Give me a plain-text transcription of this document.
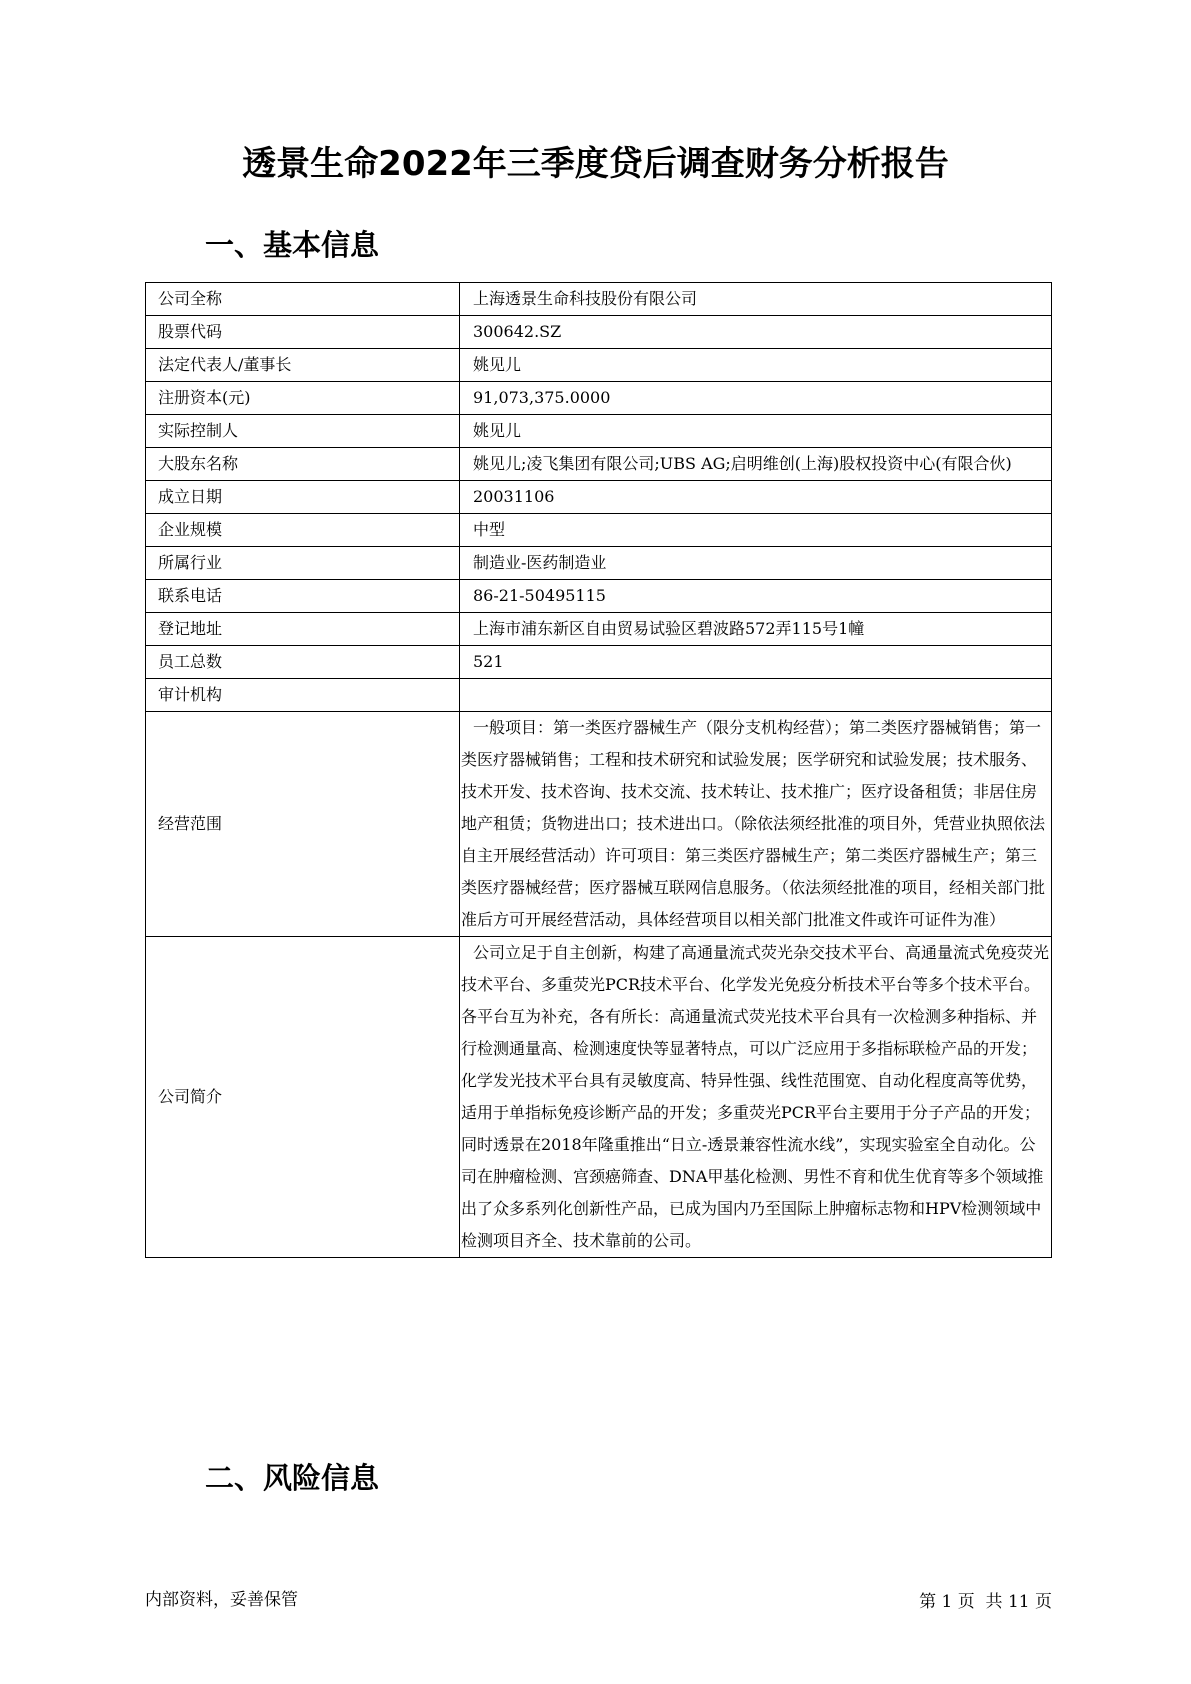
透景生命2022年三季度贷后调查财务分析报告
一、基本信息
公司全称	上海透景生命科技股份有限公司

股票代码	300642.SZ

法定代表人/董事长	姚见儿

注册资本(元)	91,073,375.0000

实际控制人	姚见儿

大股东名称	姚见儿;凌飞集团有限公司;UBS AG;启明维创(上海)股权投资中心(有限合伙)

成立日期	20031106

企业规模	中型

所属行业	制造业-医药制造业

联系电话	86-21-50495115

登记地址	上海市浦东新区自由贸易试验区碧波路572弄115号1幢

员工总数	521

审计机构	

经营范围	一般项目：第一类医疗器械生产（限分支机构经营）；第二类医疗器械销售；第一类医疗器械销售；工程和技术研究和试验发展；医学研究和试验发展；技术服务、技术开发、技术咨询、技术交流、技术转让、技术推广；医疗设备租赁；非居住房地产租赁；货物进出口；技术进出口。（除依法须经批准的项目外，凭营业执照依法自主开展经营活动）许可项目：第三类医疗器械生产；第二类医疗器械生产；第三类医疗器械经营；医疗器械互联网信息服务。（依法须经批准的项目，经相关部门批准后方可开展经营活动，具体经营项目以相关部门批准文件或许可证件为准）

公司简介	公司立足于自主创新，构建了高通量流式荧光杂交技术平台、高通量流式免疫荧光技术平台、多重荧光PCR技术平台、化学发光免疫分析技术平台等多个技术平台。各平台互为补充，各有所长：高通量流式荧光技术平台具有一次检测多种指标、并行检测通量高、检测速度快等显著特点，可以广泛应用于多指标联检产品的开发；化学发光技术平台具有灵敏度高、特异性强、线性范围宽、自动化程度高等优势，适用于单指标免疫诊断产品的开发；多重荧光PCR平台主要用于分子产品的开发；同时透景在2018年隆重推出“日立-透景兼容性流水线”，实现实验室全自动化。公司在肿瘤检测、宫颈癌筛查、DNA甲基化检测、男性不育和优生优育等多个领域推出了众多系列化创新性产品，已成为国内乃至国际上肿瘤标志物和HPV检测领域中检测项目齐全、技术靠前的公司。
二、风险信息
内部资料，妥善保管	第 1 页  共 11 页
